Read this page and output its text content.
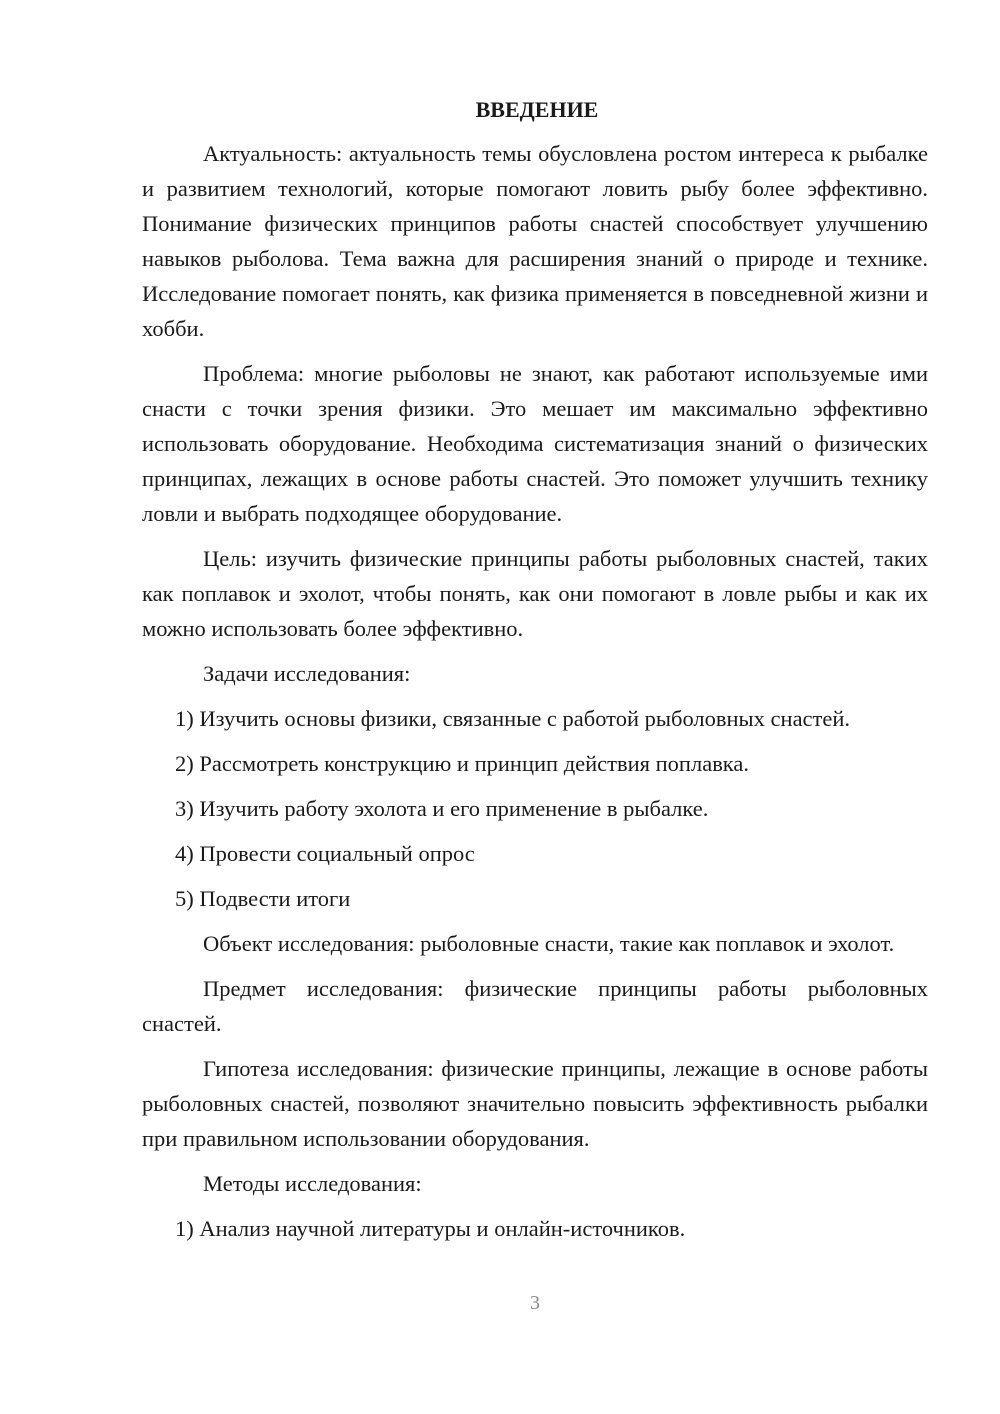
ВВЕДЕНИЕ

Актуальность: актуальность темы обусловлена ростом интереса к рыбалке и развитием технологий, которые помогают ловить рыбу более эффективно. Понимание физических принципов работы снастей способствует улучшению навыков рыболова. Тема важна для расширения знаний о природе и технике. Исследование помогает понять, как физика применяется в повседневной жизни и хобби.

Проблема: многие рыболовы не знают, как работают используемые ими снасти с точки зрения физики. Это мешает им максимально эффективно использовать оборудование. Необходима систематизация знаний о физических принципах, лежащих в основе работы снастей. Это поможет улучшить технику ловли и выбрать подходящее оборудование.

Цель: изучить физические принципы работы рыболовных снастей, таких как поплавок и эхолот, чтобы понять, как они помогают в ловле рыбы и как их можно использовать более эффективно.

Задачи исследования:

1) Изучить основы физики, связанные с работой рыболовных снастей.

2) Рассмотреть конструкцию и принцип действия поплавка.

3) Изучить работу эхолота и его применение в рыбалке.

4) Провести социальный опрос

5) Подвести итоги

Объект исследования: рыболовные снасти, такие как поплавок и эхолот.

Предмет исследования: физические принципы работы рыболовных снастей.

Гипотеза исследования: физические принципы, лежащие в основе работы рыболовных снастей, позволяют значительно повысить эффективность рыбалки при правильном использовании оборудования.

Методы исследования:

1) Анализ научной литературы и онлайн-источников.

3
